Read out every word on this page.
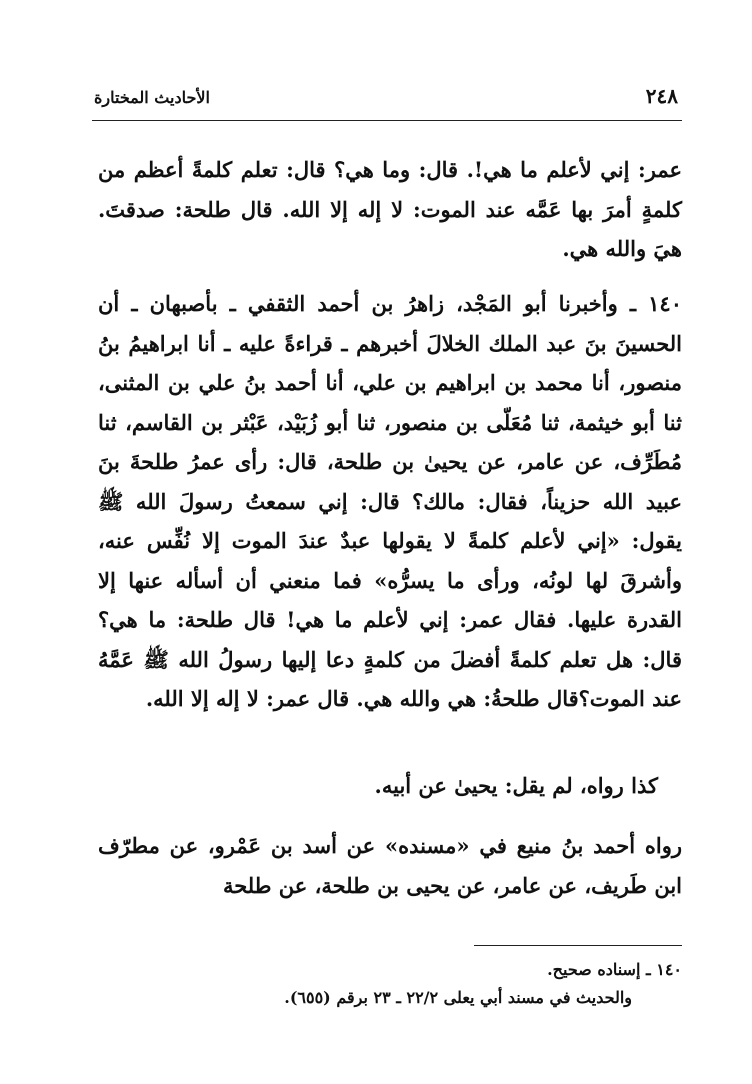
٢٤٨
الأحاديث المختارة

عمر: إني لأعلم ما هي!. قال: وما هي؟ قال: تعلم كلمةً أعظم من كلمةٍ أمرَ بها عَمَّه عند الموت: لا إله إلا الله. قال طلحة: صدقتَ. هيَ والله هي.

١٤٠ ـ وأخبرنا أبو المَجْد، زاهرُ بن أحمد الثقفي ـ بأصبهان ـ أن الحسينَ بنَ عبد الملك الخلالَ أخبرهم ـ قراءةً عليه ـ أنا ابراهيمُ بنُ منصور، أنا محمد بن ابراهيم بن علي، أنا أحمد بنُ علي بن المثنى، ثنا أبو خيثمة، ثنا مُعَلّى بن منصور، ثنا أبو زُبَيْد، عَبْثر بن القاسم، ثنا مُطَرِّف، عن عامر، عن يحيىٰ بن طلحة، قال: رأى عمرُ طلحةَ بنَ عبيد الله حزيناً، فقال: مالك؟ قال: إني سمعتُ رسولَ الله ﷺ يقول: «إني لأعلم كلمةً لا يقولها عبدٌ عندَ الموت إلا نُفِّس عنه، وأشرقَ لها لونُه، ورأى ما يسرُّه» فما منعني أن أسأله عنها إلا القدرة عليها. فقال عمر: إني لأعلم ما هي! قال طلحة: ما هي؟ قال: هل تعلم كلمةً أفضلَ من كلمةٍ دعا إليها رسولُ الله ﷺ عَمَّهُ عند الموت؟قال طلحةُ: هي والله هي. قال عمر: لا إله إلا الله.

كذا رواه، لم يقل: يحيىٰ عن أبيه.

رواه أحمد بنُ منيع في «مسنده» عن أسد بن عَمْرو، عن مطرّف ابن طَريف، عن عامر، عن يحيى بن طلحة، عن طلحة

١٤٠ ـ إسناده صحيح.

والحديث في مسند أبي يعلى ٢٢/٢ ـ ٢٣ برقم (٦٥٥).
